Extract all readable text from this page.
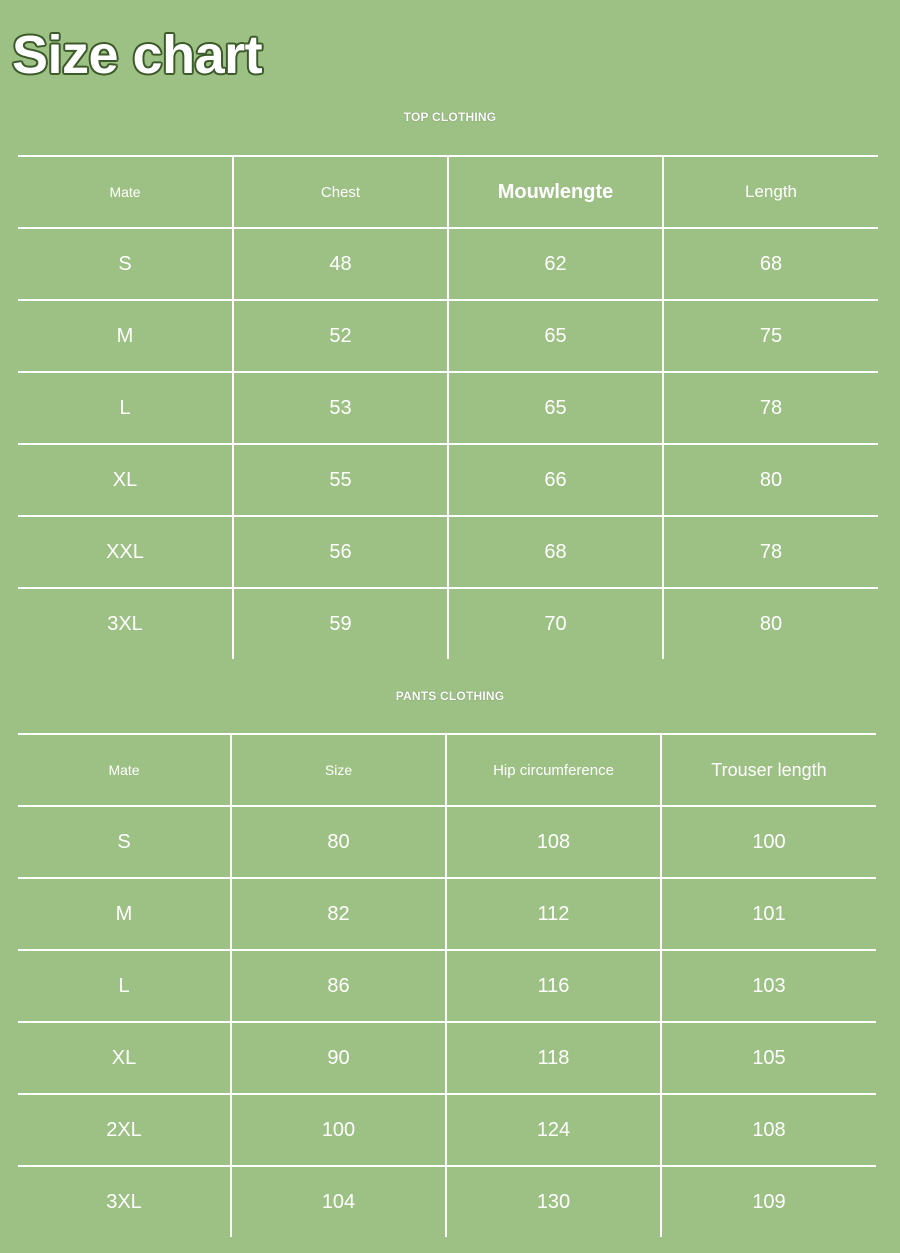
Size chart
TOP CLOTHING
Mate	Chest	Mouwlengte	Length
S	48	62	68
M	52	65	75
L	53	65	78
XL	55	66	80
XXL	56	68	78
3XL	59	70	80
PANTS CLOTHING
Mate	Size	Hip circumference	Trouser length
S	80	108	100
M	82	112	101
L	86	116	103
XL	90	118	105
2XL	100	124	108
3XL	104	130	109
